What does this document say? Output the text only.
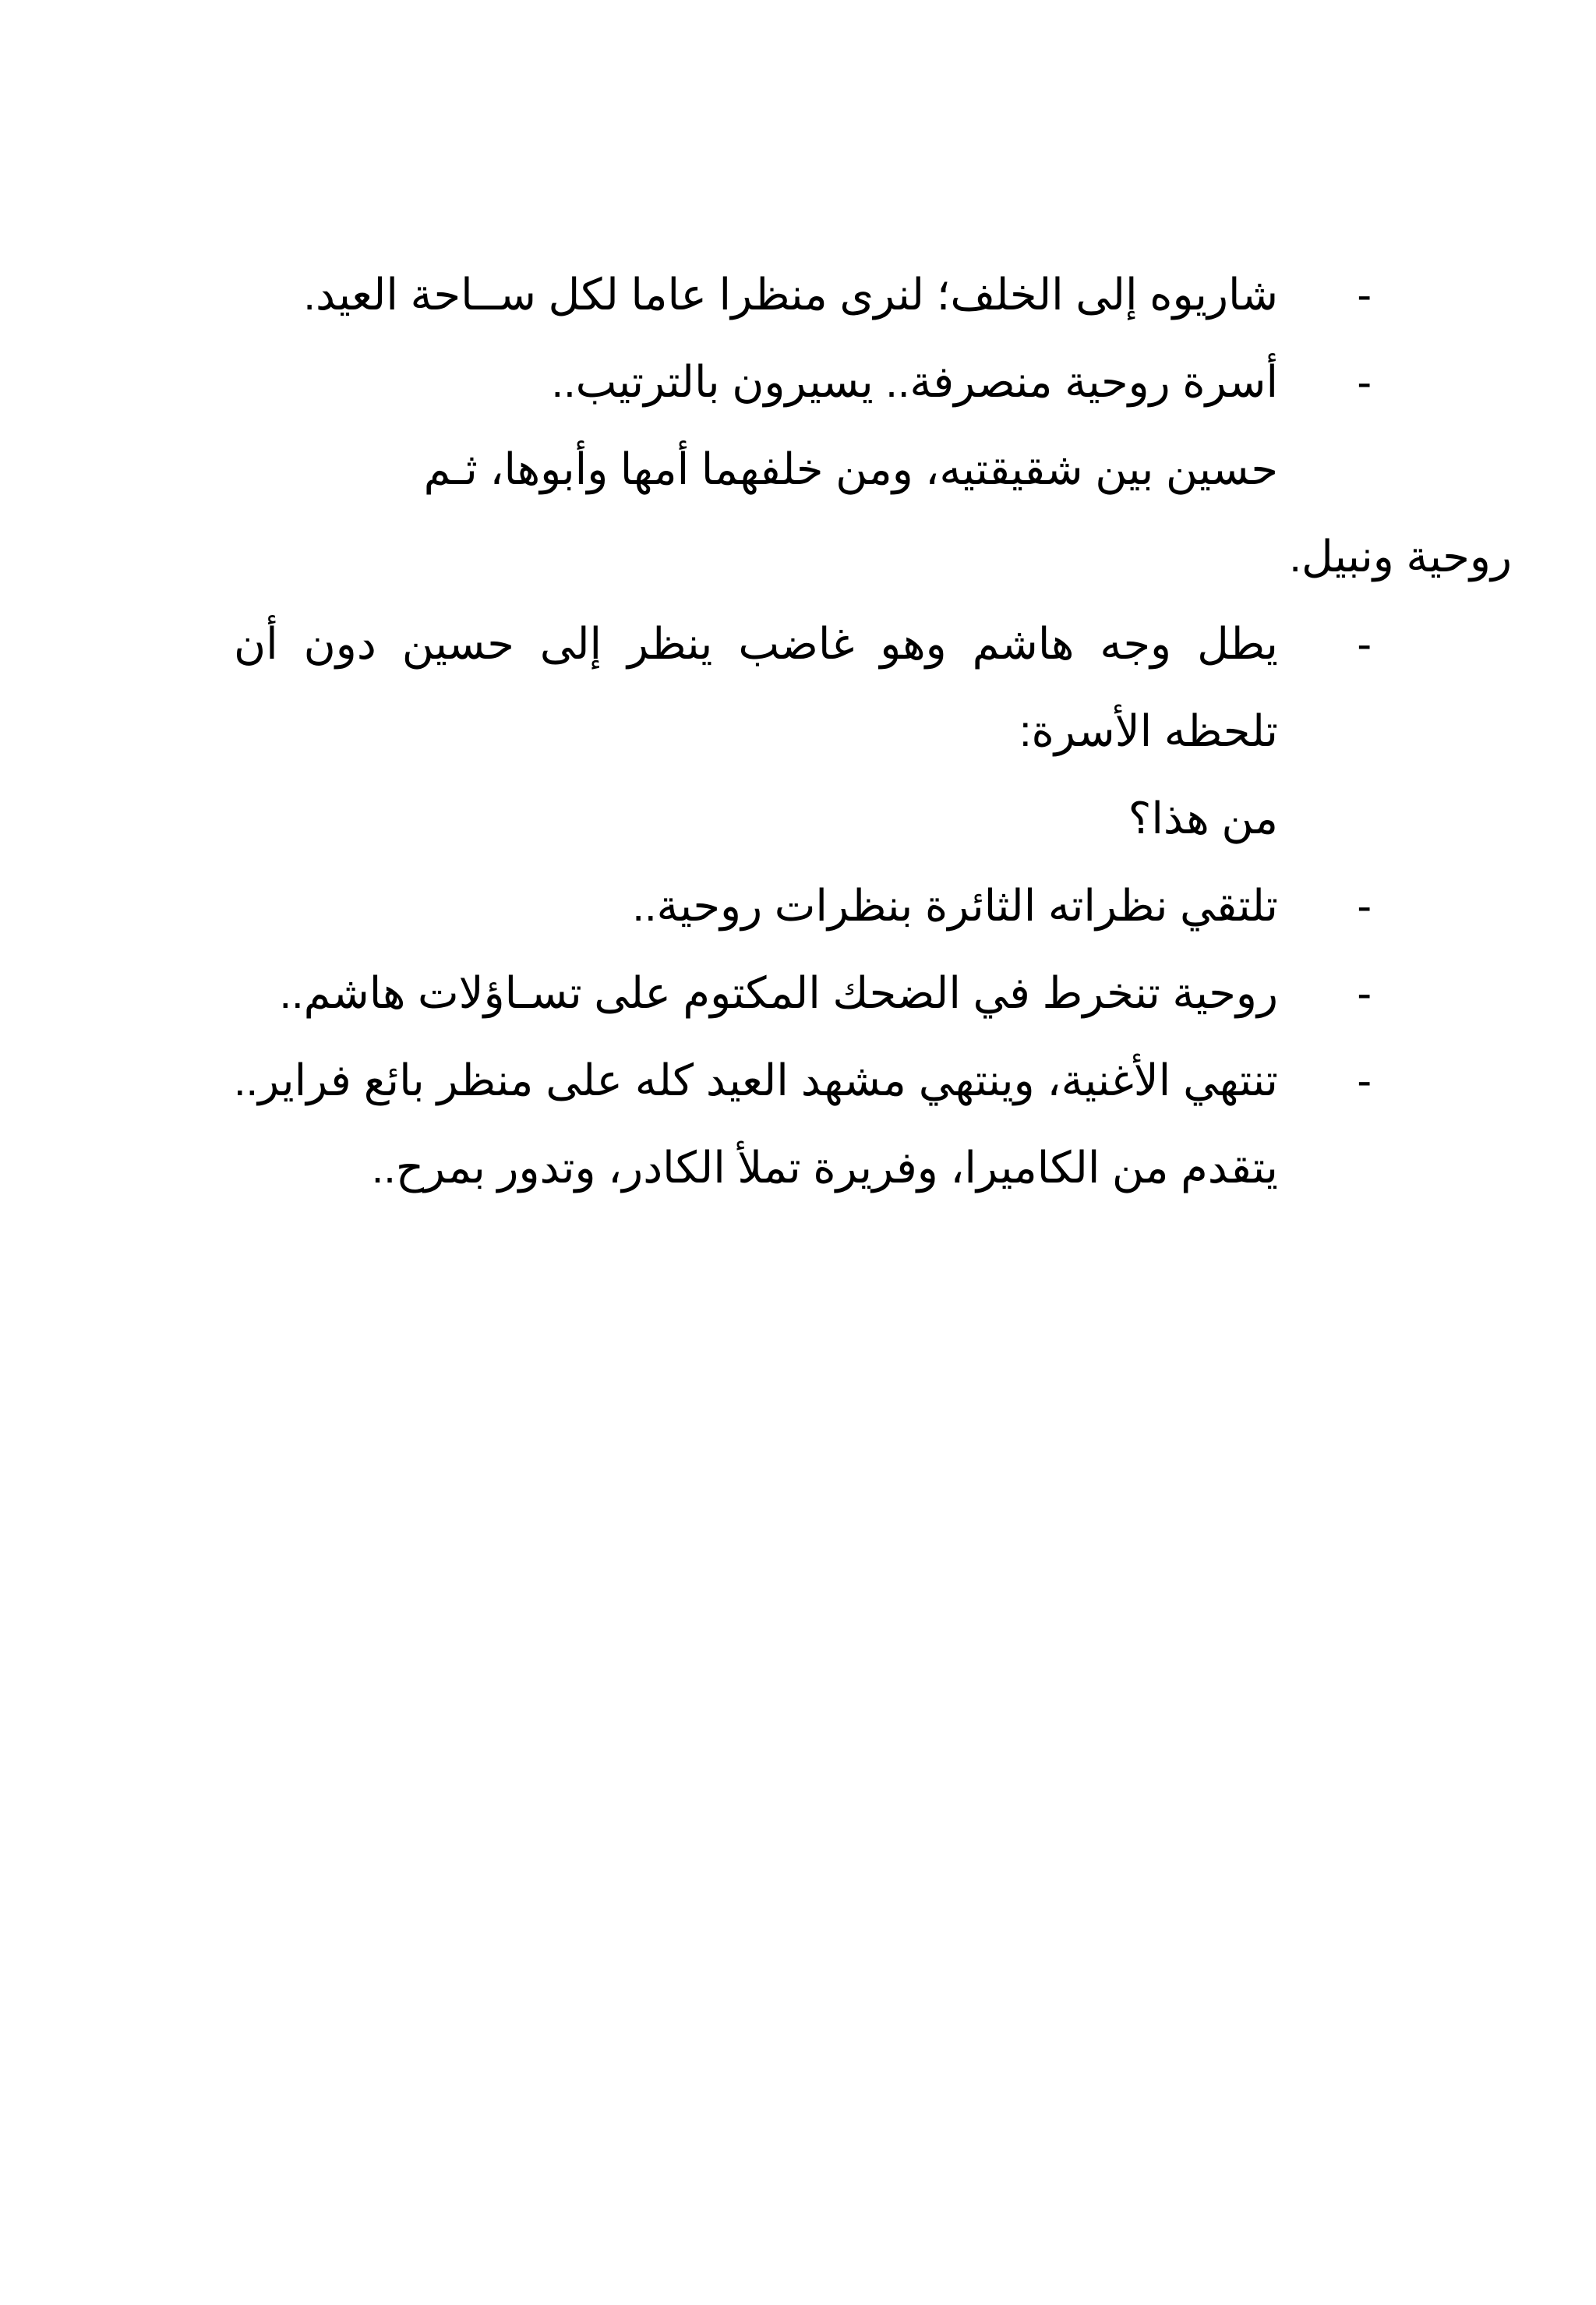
-
شاريوه إلى الخلف؛ لنرى منظرا عاما لكل ســاحة العيد.
-
أسرة روحية منصرفة.. يسيرون بالترتيب..
حسين بين شقيقتيه، ومن خلفهما أمها وأبوها، ثـم
روحية ونبيل.
-
يطل وجه هاشم وهو غاضب ينظر إلى حسين دون أن تلحظه الأسرة:
من هذا؟
-
تلتقي نظراته الثائرة بنظرات روحية..
-
روحية تنخرط في الضحك المكتوم على تسـاؤلات هاشم..
-
تنتهي الأغنية، وينتهي مشهد العيد كله على منظر بائع فراير.. يتقدم من الكاميرا، وفريرة تملأ الكادر، وتدور بمرح..
